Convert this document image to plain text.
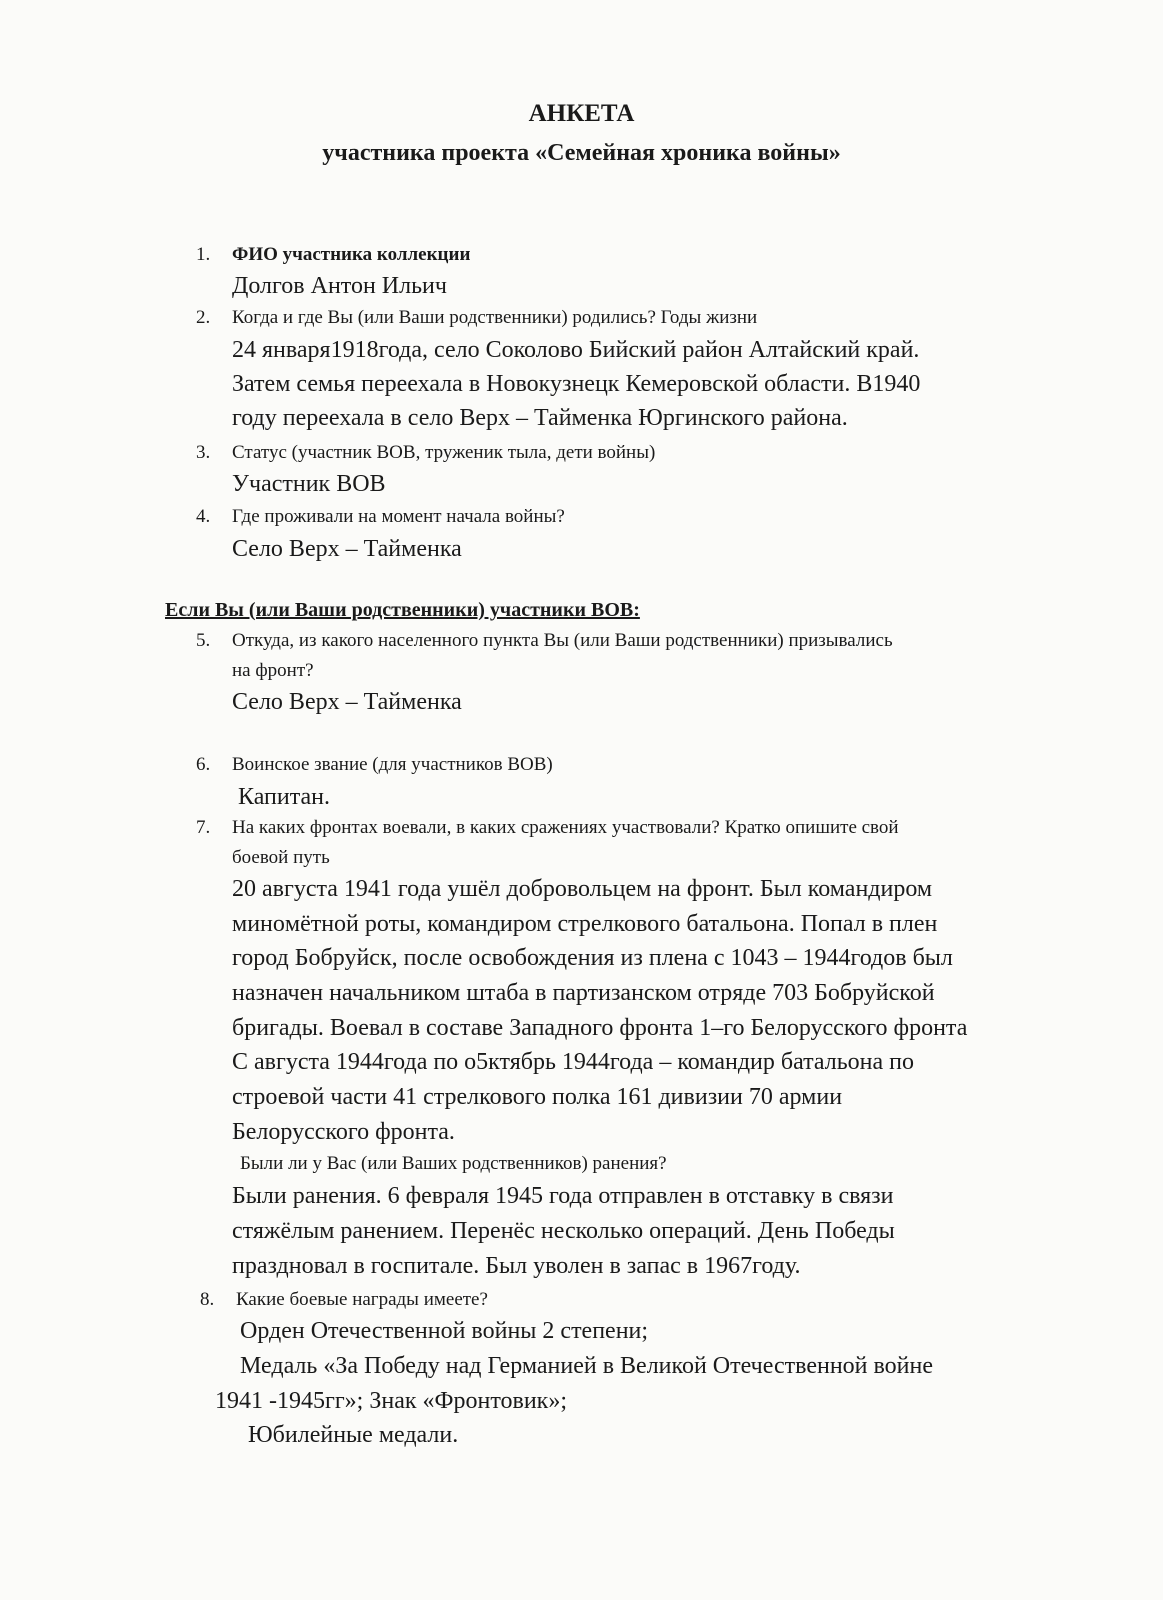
АНКЕТА
участника проекта «Семейная хроника войны»
1. ФИО участника коллекции
Долгов Антон Ильич
2. Когда и где Вы (или Ваши родственники) родились? Годы жизни
24 января1918года, село Соколово Бийский район Алтайский край.
Затем семья переехала в Новокузнецк Кемеровской области. В1940
году переехала в село Верх – Тайменка Юргинского района.
3. Статус (участник ВОВ, труженик тыла, дети войны)
Участник ВОВ
4. Где проживали на момент начала войны?
Село Верх – Тайменка
Если Вы (или Ваши родственники) участники ВОВ:
5. Откуда, из какого населенного пункта Вы (или Ваши родственники) призывались
на фронт?
Село Верх – Тайменка
6. Воинское звание (для участников ВОВ)
Капитан.
7. На каких фронтах воевали, в каких сражениях участвовали? Кратко опишите свой
боевой путь
20 августа 1941 года ушёл добровольцем на фронт. Был командиром
минoмётной роты, командиром стрелкового батальона. Попал в плен
город Бобруйск, после освобождения из плена с 1043 – 1944годов был
назначен начальником штаба в партизанском отряде 703 Бобруйской
бригады. Воевал в составе Западного фронта 1–го Белорусского фронта
С августа 1944года по о5ктябрь 1944года – командир батальона по
строевой части 41 стрелкового полка 161 дивизии 70 армии
Белорусского фронта.
Были ли у Вас (или Ваших родственников) ранения?
Были ранения. 6 февраля 1945 года отправлен в отставку в связи
стяжёлым ранением. Перенёс несколько операций. День Победы
праздновал в госпитале. Был уволен в запас в 1967году.
8. Какие боевые награды имеете?
Орден Отечественной войны 2 степени;
Медаль «За Победу над Германией в Великой Отечественной войне
1941 -1945гг»; Знак «Фронтовик»;
Юбилейные медали.
